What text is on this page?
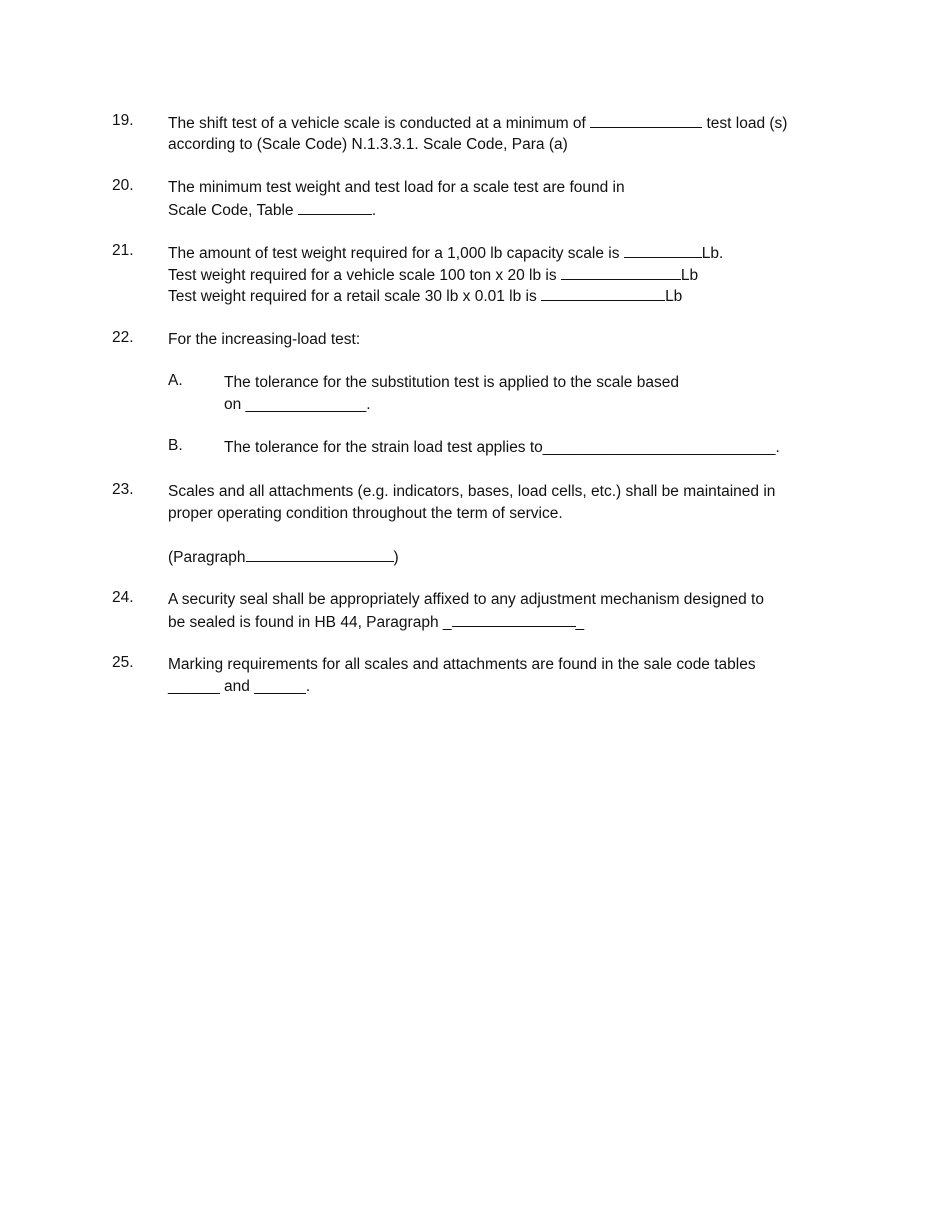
19.	The shift test of a vehicle scale is conducted at a minimum of	test load (s)
according to (Scale Code) N.1.3.3.1. Scale Code, Para (a)
20.	The minimum test weight and test load for a scale test are found in
Scale Code, Table	.
21.	The amount of test weight required for a 1,000 lb capacity scale is	Lb.
Test weight required for a vehicle scale 100 ton x 20 lb is	Lb
Test weight required for a retail scale 30 lb x 0.01 lb is	Lb
22.	For the increasing-load test:
A.	The tolerance for the substitution test is applied to the scale based
on ______________.
B.	The tolerance for the strain load test applies to___________________________.
23.	Scales and all attachments (e.g. indicators, bases, load cells, etc.) shall be maintained in
proper operating condition throughout the term of service.
(Paragraph	)
24.	A security seal shall be appropriately affixed to any adjustment mechanism designed to
be sealed is found in HB 44, Paragraph _	_
25.	Marking requirements for all scales and attachments are found in the sale code tables
______ and ______.
